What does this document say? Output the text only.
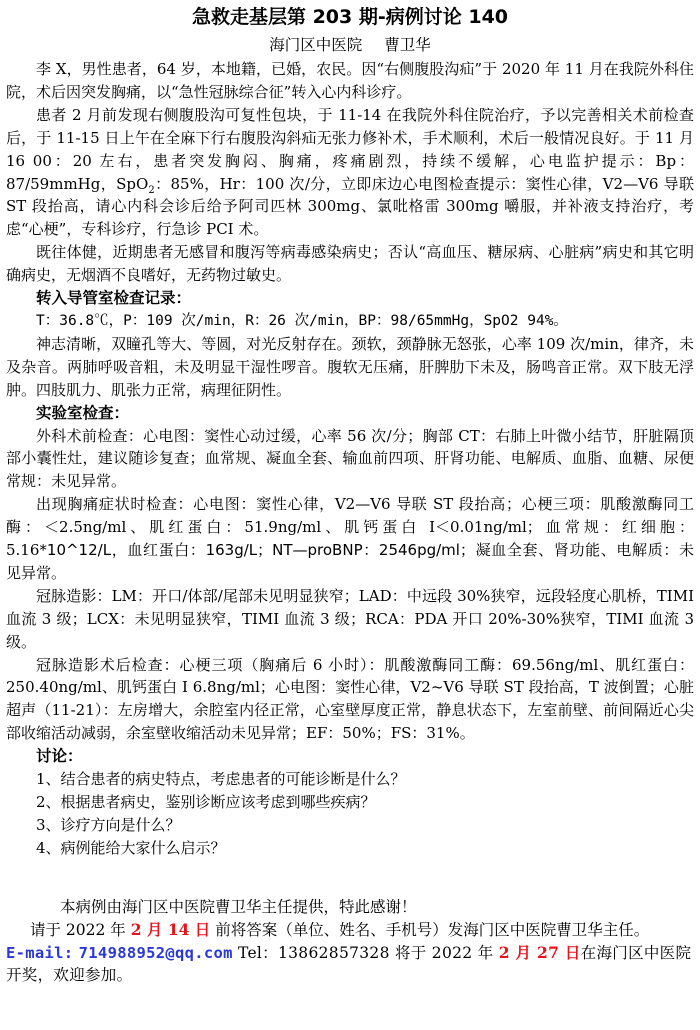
急救走基层第 203 期-病例讨论 140
海门区中医院 曹卫华

李 X，男性患者，64 岁，本地籍，已婚，农民。因“右侧腹股沟疝”于 2020 年 11 月在我院外科住院，术后因突发胸痛，以“急性冠脉综合征”转入心内科诊疗。

患者 2 月前发现右侧腹股沟可复性包块，于 11-14 在我院外科住院治疗，予以完善相关术前检查后，于 11-15 日上午在全麻下行右腹股沟斜疝无张力修补术，手术顺利，术后一般情况良好。于 11 月 16 00：20 左右，患者突发胸闷、胸痛，疼痛剧烈，持续不缓解，心电监护提示：Bp：87/59mmHg，SpO$_2$：85%，Hr：100 次/分，立即床边心电图检查提示：窦性心律，V2—V6 导联 ST 段抬高，请心内科会诊后给予阿司匹林 300mg、氯吡格雷 300mg 嚼服，并补液支持治疗，考虑“心梗”，专科诊疗，行急诊 PCI 术。

既往体健，近期患者无感冒和腹泻等病毒感染病史；否认“高血压、糖尿病、心脏病”病史和其它明确病史，无烟酒不良嗜好，无药物过敏史。

转入导管室检查记录：

T：36.8℃，P：109 次/min，R：26 次/min，BP：98/65mmHg，SpO2 94%。

神志清晰，双瞳孔等大、等圆，对光反射存在。颈软，颈静脉无怒张，心率 109 次/min，律齐，未及杂音。两肺呼吸音粗，未及明显干湿性啰音。腹软无压痛，肝脾肋下未及，肠鸣音正常。双下肢无浮肿。四肢肌力、肌张力正常，病理征阴性。

实验室检查：

外科术前检查：心电图：窦性心动过缓，心率 56 次/分；胸部 CT：右肺上叶微小结节，肝脏隔顶部小囊性灶，建议随诊复查；血常规、凝血全套、输血前四项、肝肾功能、电解质、血脂、血糖、尿便常规：未见异常。

出现胸痛症状时检查：心电图：窦性心律，V2—V6 导联 ST 段抬高；心梗三项：肌酸激酶同工酶：＜2.5ng/ml、肌红蛋白：51.9ng/ml、肌钙蛋白 I＜0.01ng/ml；血常规：红细胞：5.16*10^12/L，血红蛋白：163g/L；NT—proBNP：2546pg/ml；凝血全套、肾功能、电解质：未见异常。

冠脉造影：LM：开口/体部/尾部未见明显狭窄；LAD：中远段 30%狭窄，远段轻度心肌桥，TIMI 血流 3 级；LCX：未见明显狭窄，TIMI 血流 3 级；RCA：PDA 开口 20%-30%狭窄，TIMI 血流 3 级。

冠脉造影术后检查：心梗三项（胸痛后 6 小时）：肌酸激酶同工酶：69.56ng/ml、肌红蛋白：250.40ng/ml、肌钙蛋白 I 6.8ng/ml；心电图：窦性心律，V2~V6 导联 ST 段抬高，T 波倒置；心脏超声（11-21）：左房增大，余腔室内径正常，心室壁厚度正常，静息状态下，左室前壁、前间隔近心尖部收缩活动减弱，余室壁收缩活动未见异常；EF：50%；FS：31%。

讨论：
1、结合患者的病史特点，考虑患者的可能诊断是什么？
2、根据患者病史，鉴别诊断应该考虑到哪些疾病？
3、诊疗方向是什么？
4、病例能给大家什么启示？
本病例由海门区中医院曹卫华主任提供，特此感谢！
请于 2022 年 2 月 14 日 前将答案（单位、姓名、手机号）发海门区中医院曹卫华主任。
E-mail: 714988952@qq.com Tel：13862857328 将于 2022 年 2 月 27 日在海门区中医院开奖，欢迎参加。
